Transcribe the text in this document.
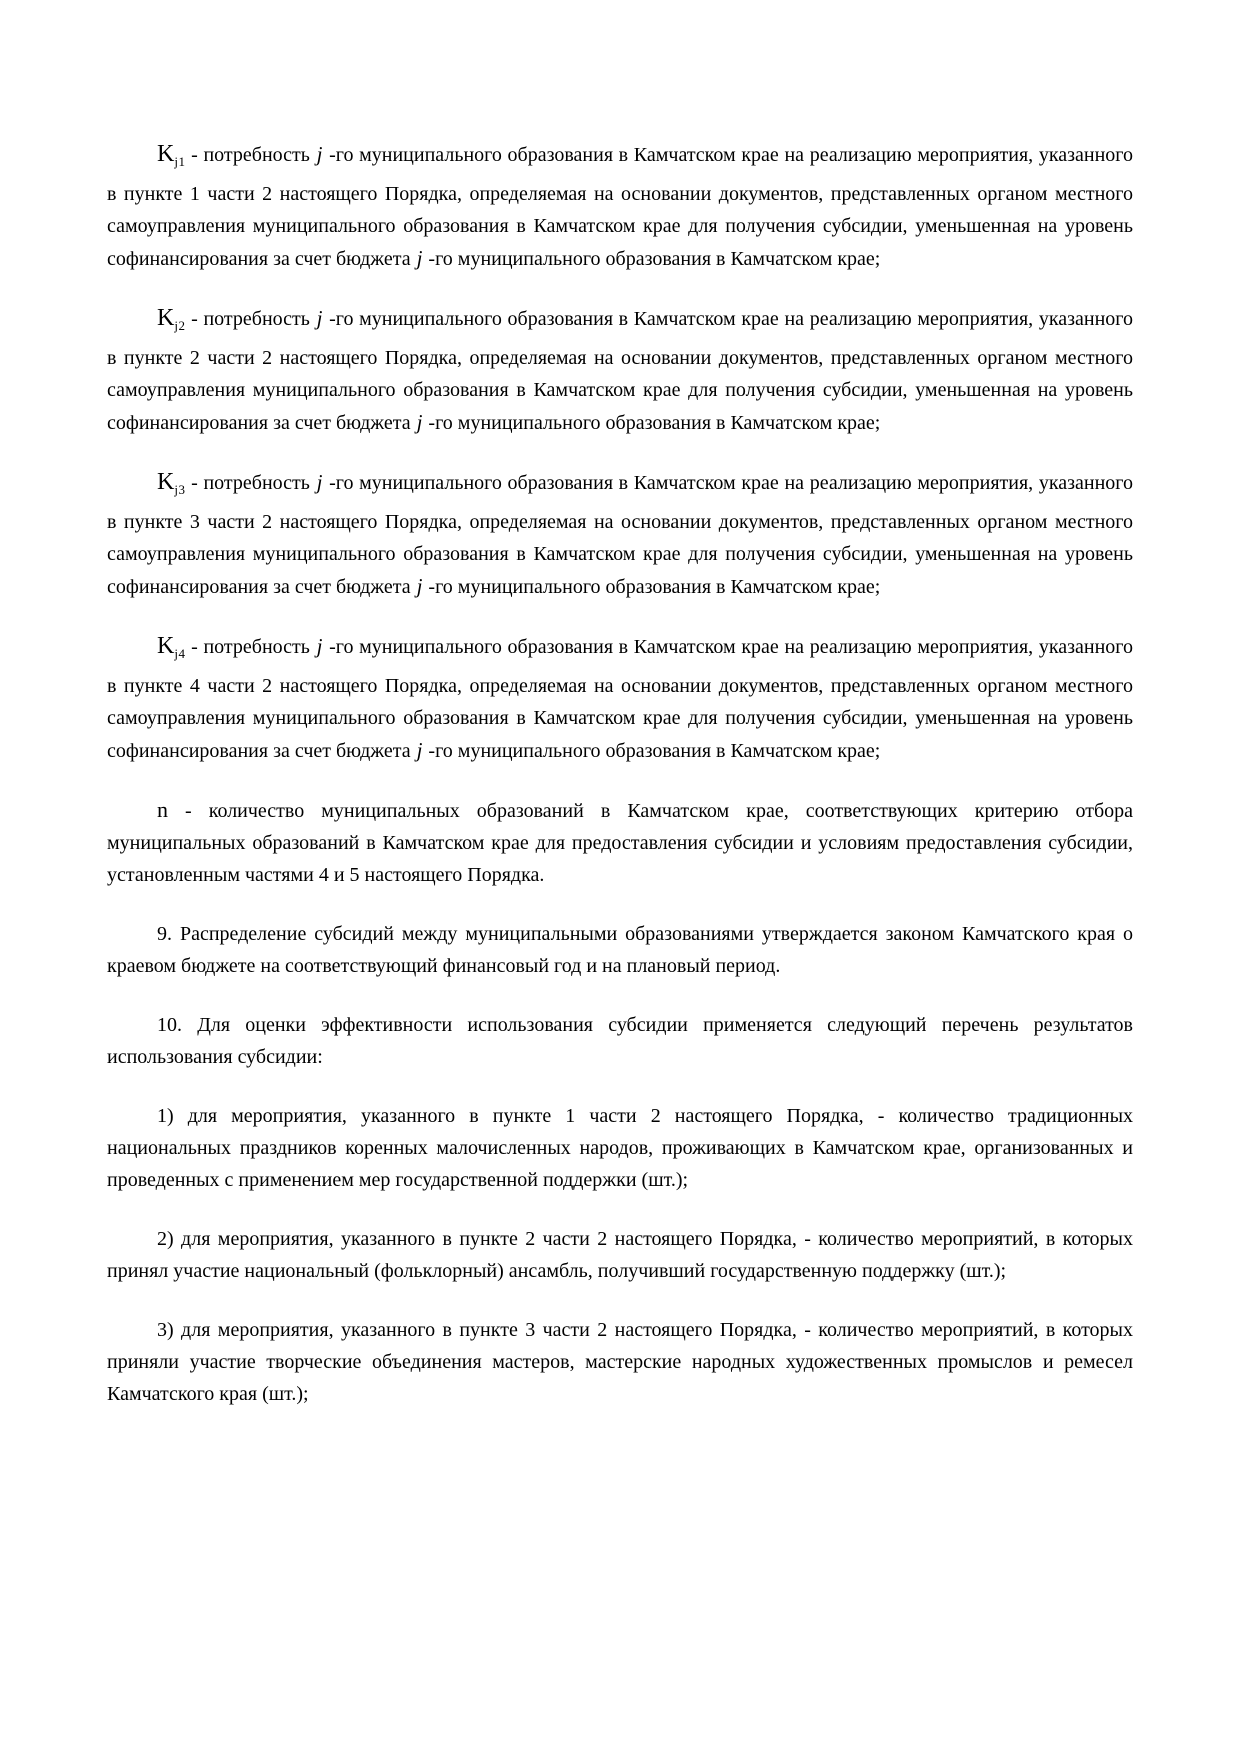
$K_{j1}$ - потребность j -го муниципального образования в Камчатском крае на реализацию мероприятия, указанного в пункте 1 части 2 настоящего Порядка, определяемая на основании документов, представленных органом местного самоуправления муниципального образования в Камчатском крае для получения субсидии, уменьшенная на уровень софинансирования за счет бюджета j -го муниципального образования в Камчатском крае;

$K_{j2}$ - потребность j -го муниципального образования в Камчатском крае на реализацию мероприятия, указанного в пункте 2 части 2 настоящего Порядка, определяемая на основании документов, представленных органом местного самоуправления муниципального образования в Камчатском крае для получения субсидии, уменьшенная на уровень софинансирования за счет бюджета j -го муниципального образования в Камчатском крае;

$K_{j3}$ - потребность j -го муниципального образования в Камчатском крае на реализацию мероприятия, указанного в пункте 3 части 2 настоящего Порядка, определяемая на основании документов, представленных органом местного самоуправления муниципального образования в Камчатском крае для получения субсидии, уменьшенная на уровень софинансирования за счет бюджета j -го муниципального образования в Камчатском крае;

$K_{j4}$ - потребность j -го муниципального образования в Камчатском крае на реализацию мероприятия, указанного в пункте 4 части 2 настоящего Порядка, определяемая на основании документов, представленных органом местного самоуправления муниципального образования в Камчатском крае для получения субсидии, уменьшенная на уровень софинансирования за счет бюджета j -го муниципального образования в Камчатском крае;

n - количество муниципальных образований в Камчатском крае, соответствующих критерию отбора муниципальных образований в Камчатском крае для предоставления субсидии и условиям предоставления субсидии, установленным частями 4 и 5 настоящего Порядка.

9. Распределение субсидий между муниципальными образованиями утверждается законом Камчатского края о краевом бюджете на соответствующий финансовый год и на плановый период.

10. Для оценки эффективности использования субсидии применяется следующий перечень результатов использования субсидии:

1) для мероприятия, указанного в пункте 1 части 2 настоящего Порядка, - количество традиционных национальных праздников коренных малочисленных народов, проживающих в Камчатском крае, организованных и проведенных с применением мер государственной поддержки (шт.);

2) для мероприятия, указанного в пункте 2 части 2 настоящего Порядка, - количество мероприятий, в которых принял участие национальный (фольклорный) ансамбль, получивший государственную поддержку (шт.);

3) для мероприятия, указанного в пункте 3 части 2 настоящего Порядка, - количество мероприятий, в которых приняли участие творческие объединения мастеров, мастерские народных художественных промыслов и ремесел Камчатского края (шт.);
